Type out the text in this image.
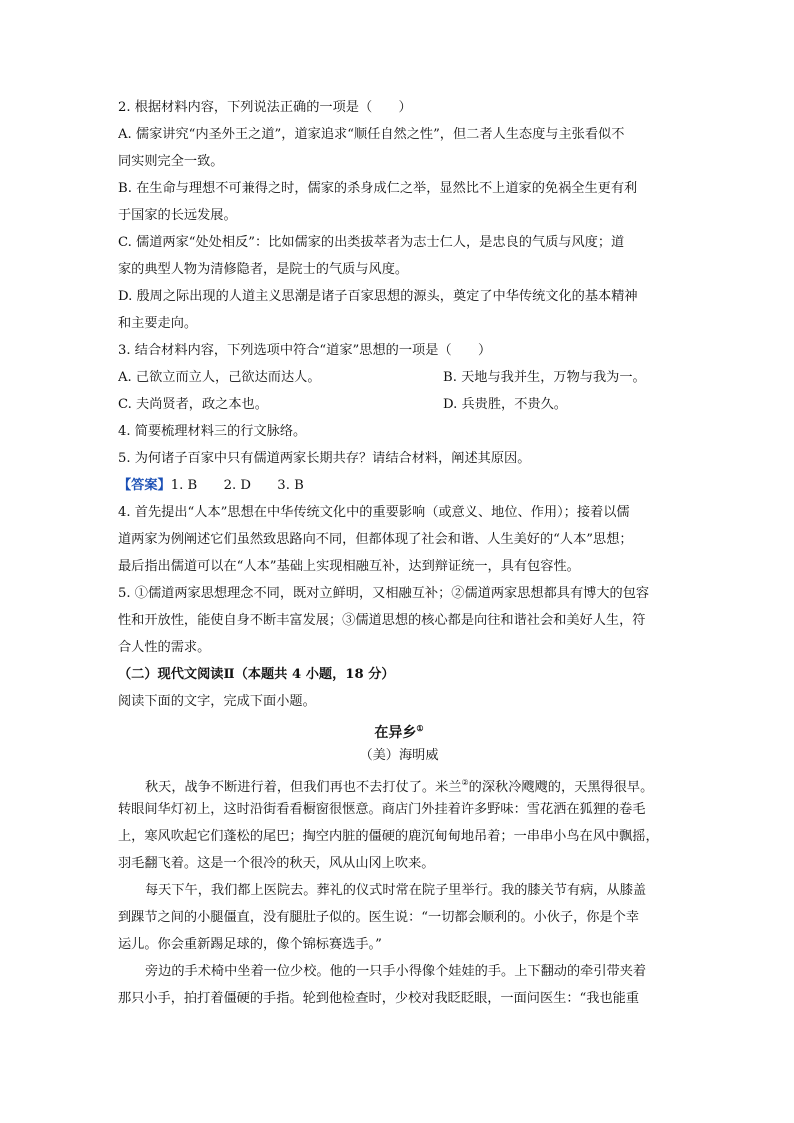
2. 根据材料内容，下列说法正确的一项是（　　）
A. 儒家讲究“内圣外王之道”，道家追求“顺任自然之性”，但二者人生态度与主张看似不
同实则完全一致。
B. 在生命与理想不可兼得之时，儒家的杀身成仁之举，显然比不上道家的免祸全生更有利
于国家的长远发展。
C. 儒道两家“处处相反”：比如儒家的出类拔萃者为志士仁人，是忠良的气质与风度；道
家的典型人物为清修隐者，是院士的气质与风度。
D. 殷周之际出现的人道主义思潮是诸子百家思想的源头，奠定了中华传统文化的基本精神
和主要走向。
3. 结合材料内容，下列选项中符合“道家”思想的一项是（　　）
A. 己欲立而立人，己欲达而达人。	B. 天地与我并生，万物与我为一。
C. 夫尚贤者，政之本也。	D. 兵贵胜，不贵久。
4. 简要梳理材料三的行文脉络。
5. 为何诸子百家中只有儒道两家长期共存？请结合材料，阐述其原因。
【答案】1. B　　2. D　　3. B
4. 首先提出“人本”思想在中华传统文化中的重要影响（或意义、地位、作用）；接着以儒
道两家为例阐述它们虽然致思路向不同，但都体现了社会和谐、人生美好的“人本”思想；
最后指出儒道可以在“人本”基础上实现相融互补，达到辩证统一，具有包容性。
5. ①儒道两家思想理念不同，既对立鲜明，又相融互补；②儒道两家思想都具有博大的包容
性和开放性，能使自身不断丰富发展；③儒道思想的核心都是向往和谐社会和美好人生，符
合人性的需求。
（二）现代文阅读Ⅱ（本题共 4 小题，18 分）
阅读下面的文字，完成下面小题。
在异乡①
（美）海明威
秋天，战争不断进行着，但我们再也不去打仗了。米兰②的深秋冷飕飕的，天黑得很早。
转眼间华灯初上，这时沿街看看橱窗很惬意。商店门外挂着许多野味：雪花洒在狐狸的卷毛
上，寒风吹起它们蓬松的尾巴；掏空内脏的僵硬的鹿沉甸甸地吊着；一串串小鸟在风中飘摇，
羽毛翻飞着。这是一个很冷的秋天，风从山冈上吹来。
每天下午，我们都上医院去。葬礼的仪式时常在院子里举行。我的膝关节有病，从膝盖
到踝节之间的小腿僵直，没有腿肚子似的。医生说：“一切都会顺利的。小伙子，你是个幸
运儿。你会重新踢足球的，像个锦标赛选手。”
旁边的手术椅中坐着一位少校。他的一只手小得像个娃娃的手。上下翻动的牵引带夹着
那只小手，拍打着僵硬的手指。轮到他检查时，少校对我眨眨眼，一面问医生：“我也能重
